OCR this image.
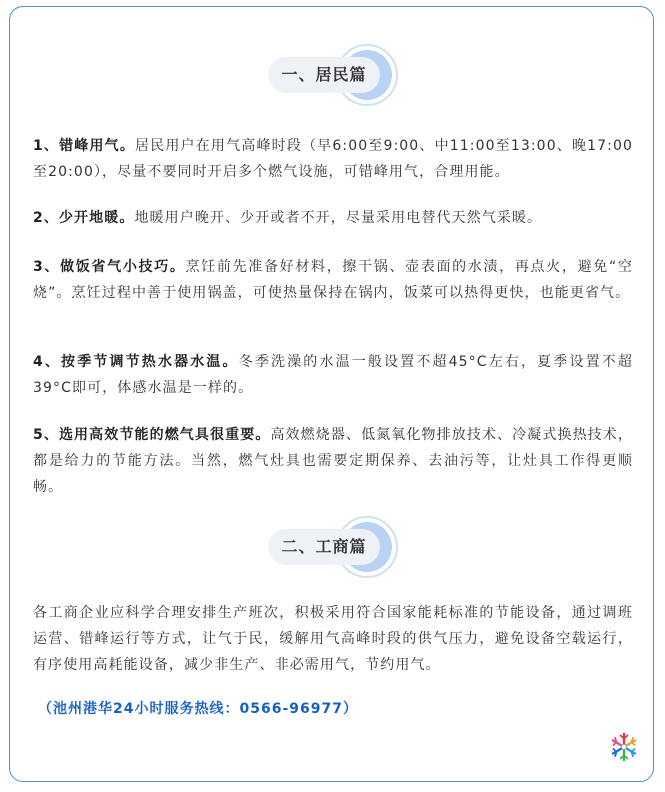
一、居民篇

1、错峰用气。居民用户在用气高峰时段（早6:00至9:00、中11:00至13:00、晚17:00至20:00），尽量不要同时开启多个燃气设施，可错峰用气，合理用能。

2、少开地暖。地暖用户晚开、少开或者不开，尽量采用电替代天然气采暖。

3、做饭省气小技巧。烹饪前先准备好材料，擦干锅、壶表面的水渍，再点火，避免“空烧”。烹饪过程中善于使用锅盖，可使热量保持在锅内，饭菜可以热得更快，也能更省气。

4、按季节调节热水器水温。冬季洗澡的水温一般设置不超45°C左右，夏季设置不超39°C即可，体感水温是一样的。

5、选用高效节能的燃气具很重要。高效燃烧器、低氮氧化物排放技术、冷凝式换热技术，都是给力的节能方法。当然，燃气灶具也需要定期保养、去油污等，让灶具工作得更顺畅。

二、工商篇

各工商企业应科学合理安排生产班次，积极采用符合国家能耗标准的节能设备，通过调班运营、错峰运行等方式，让气于民，缓解用气高峰时段的供气压力，避免设备空载运行，有序使用高耗能设备，减少非生产、非必需用气，节约用气。

（池州港华24小时服务热线：0566-96977）
